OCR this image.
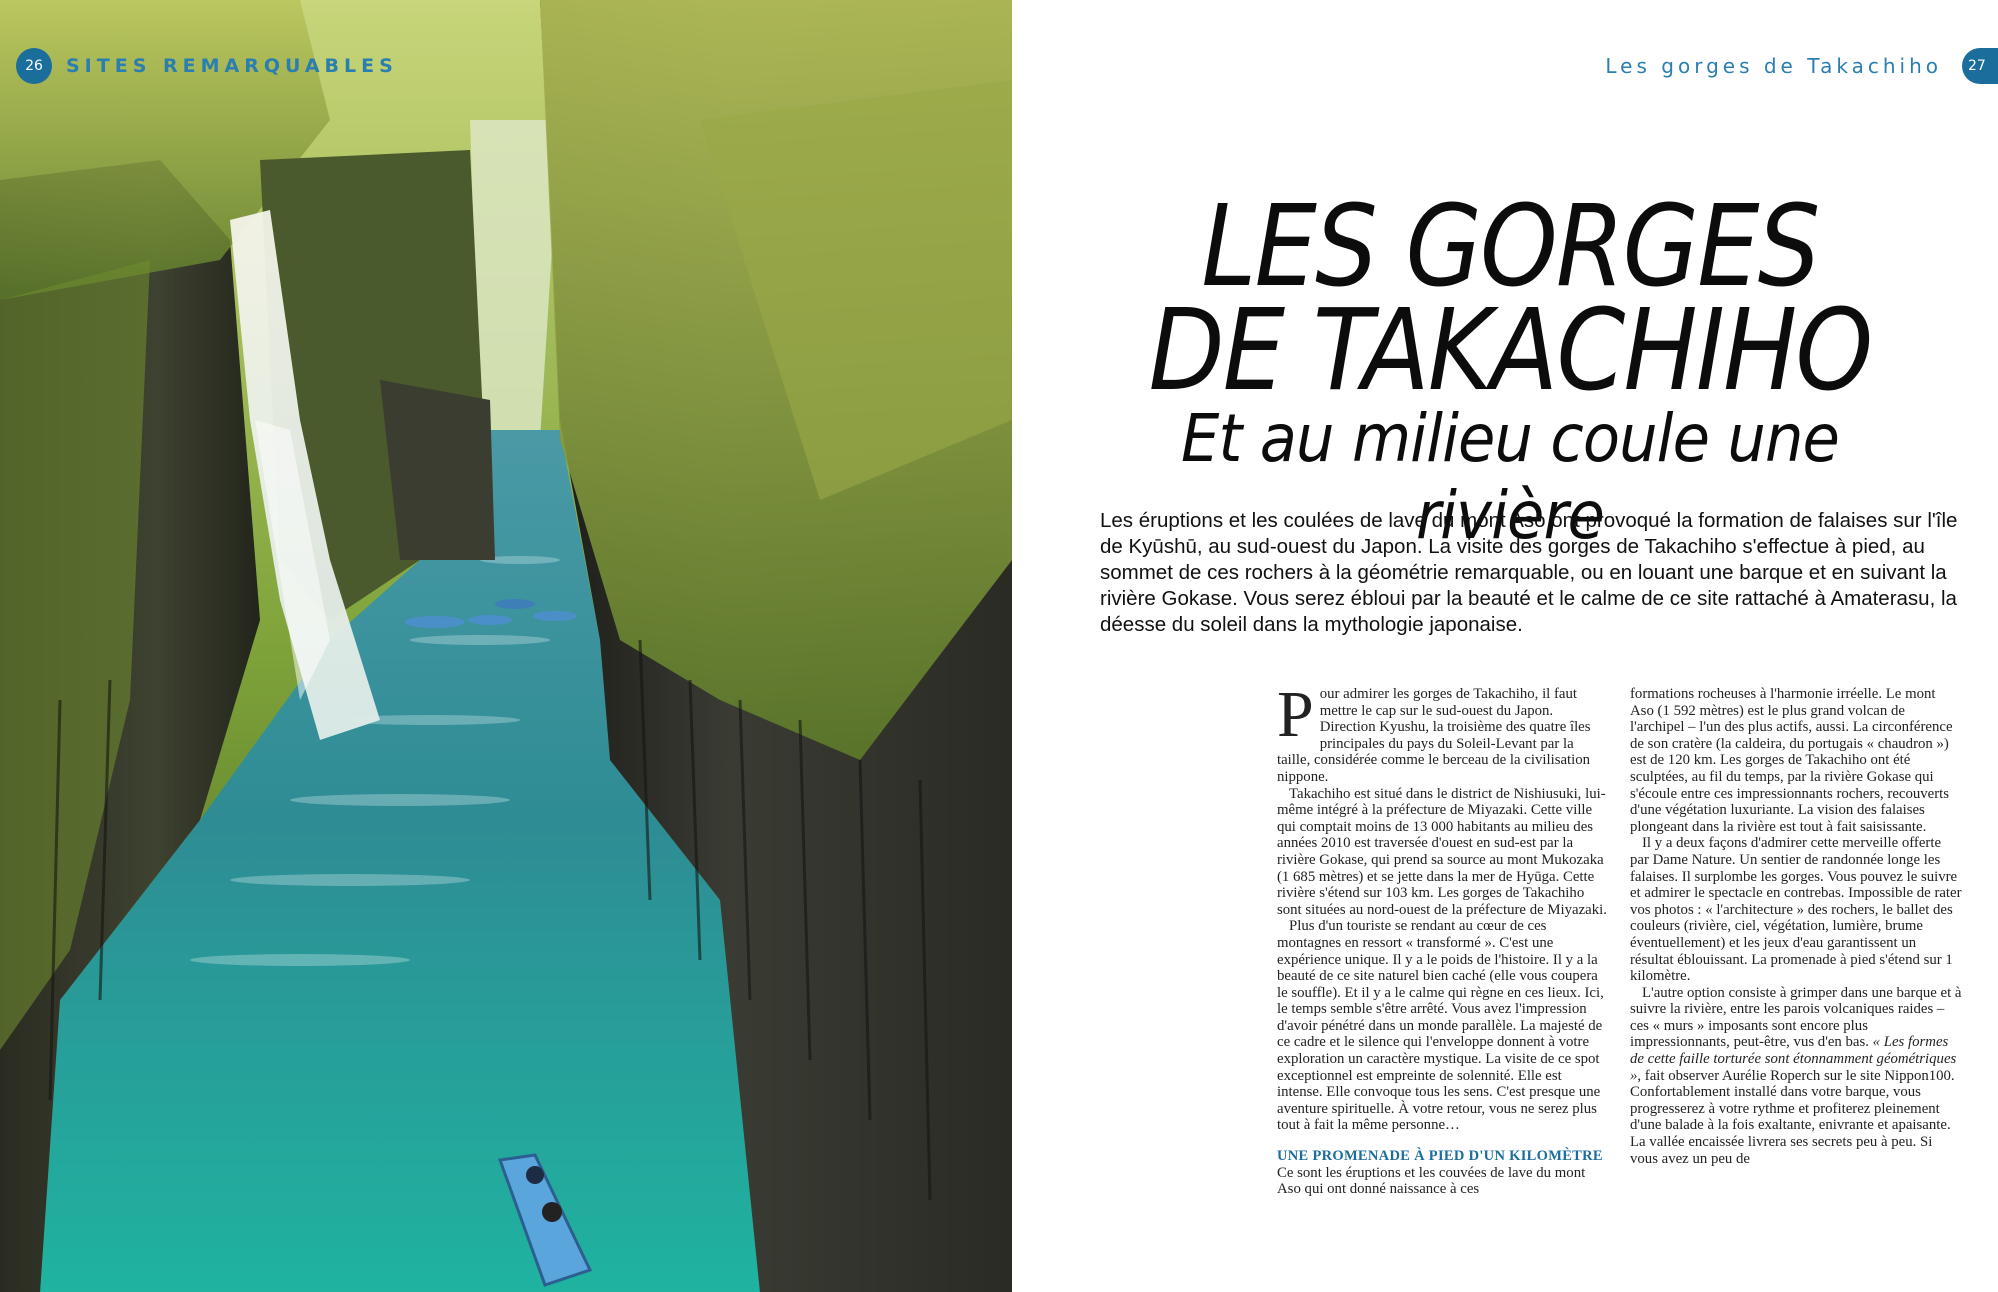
26	SITES REMARQUABLES	Les gorges de Takachiho	27
LES GORGES
DE TAKACHIHO

Et au milieu coule une rivière

Les éruptions et les coulées de lave du mont Aso ont provoqué la formation de falaises sur l'île de Kyūshū, au sud-ouest du Japon. La visite des gorges de Takachiho s'effectue à pied, au sommet de ces rochers à la géométrie remarquable, ou en louant une barque et en suivant la rivière Gokase. Vous serez ébloui par la beauté et le calme de ce site rattaché à Amaterasu, la déesse du soleil dans la mythologie japonaise.

Pour admirer les gorges de Takachiho, il faut mettre le cap sur le sud-ouest du Japon. Direction Kyushu, la troisième des quatre îles principales du pays du Soleil-Levant par la taille, considérée comme le berceau de la civilisation nippone.

Takachiho est situé dans le district de Nishiusuki, lui-même intégré à la préfecture de Miyazaki. Cette ville qui comptait moins de 13 000 habitants au milieu des années 2010 est traversée d'ouest en sud-est par la rivière Gokase, qui prend sa source au mont Mukozaka (1 685 mètres) et se jette dans la mer de Hyūga. Cette rivière s'étend sur 103 km. Les gorges de Takachiho sont situées au nord-ouest de la préfecture de Miyazaki.

Plus d'un touriste se rendant au cœur de ces montagnes en ressort « transformé ». C'est une expérience unique. Il y a le poids de l'histoire. Il y a la beauté de ce site naturel bien caché (elle vous coupera le souffle). Et il y a le calme qui règne en ces lieux. Ici, le temps semble s'être arrêté. Vous avez l'impression d'avoir pénétré dans un monde parallèle. La majesté de ce cadre et le silence qui l'enveloppe donnent à votre exploration un caractère mystique. La visite de ce spot exceptionnel est empreinte de solennité. Elle est intense. Elle convoque tous les sens. C'est presque une aventure spirituelle. À votre retour, vous ne serez plus tout à fait la même personne…

UNE PROMENADE À PIED D'UN KILOMÈTRE

Ce sont les éruptions et les couvées de lave du mont Aso qui ont donné naissance à ces

formations rocheuses à l'harmonie irréelle. Le mont Aso (1 592 mètres) est le plus grand volcan de l'archipel – l'un des plus actifs, aussi. La circonférence de son cratère (la caldeira, du portugais « chaudron ») est de 120 km. Les gorges de Takachiho ont été sculptées, au fil du temps, par la rivière Gokase qui s'écoule entre ces impressionnants rochers, recouverts d'une végétation luxuriante. La vision des falaises plongeant dans la rivière est tout à fait saisissante.

Il y a deux façons d'admirer cette merveille offerte par Dame Nature. Un sentier de randonnée longe les falaises. Il surplombe les gorges. Vous pouvez le suivre et admirer le spectacle en contrebas. Impossible de rater vos photos : « l'architecture » des rochers, le ballet des couleurs (rivière, ciel, végétation, lumière, brume éventuellement) et les jeux d'eau garantissent un résultat éblouissant. La promenade à pied s'étend sur 1 kilomètre.

L'autre option consiste à grimper dans une barque et à suivre la rivière, entre les parois volcaniques raides – ces « murs » imposants sont encore plus impressionnants, peut-être, vus d'en bas. « Les formes de cette faille torturée sont étonnamment géométriques », fait observer Aurélie Roperch sur le site Nippon100. Confortablement installé dans votre barque, vous progresserez à votre rythme et profiterez pleinement d'une balade à la fois exaltante, enivrante et apaisante. La vallée encaissée livrera ses secrets peu à peu. Si vous avez un peu de
